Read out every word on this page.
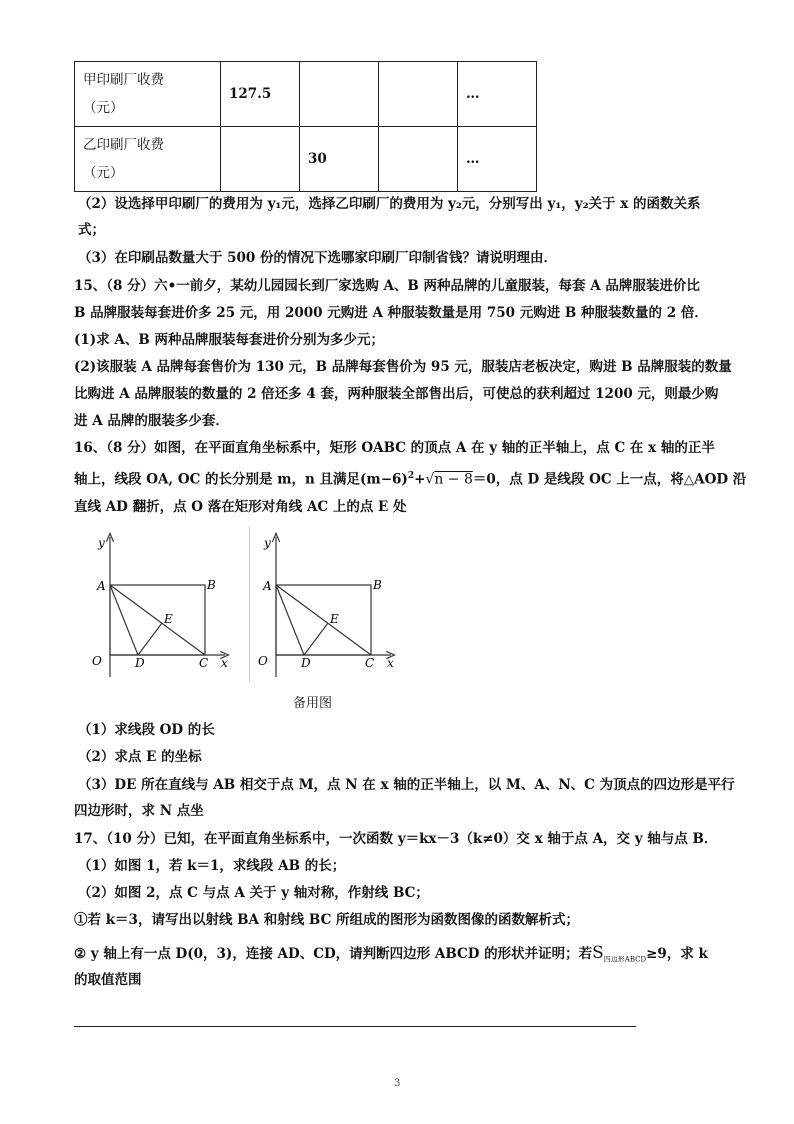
甲印刷厂收费
（元）	127.5			…
乙印刷厂收费
（元）		30		…
（2）设选择甲印刷厂的费用为 y₁元，选择乙印刷厂的费用为 y₂元，分别写出 y₁，y₂关于 x 的函数关系
式；
（3）在印刷品数量大于 500 份的情况下选哪家印刷厂印制省钱？请说明理由．
15、（8 分）六•一前夕，某幼儿园园长到厂家选购 A、B 两种品牌的儿童服装，每套 A 品牌服装进价比
B 品牌服装每套进价多 25 元，用 2000 元购进 A 种服装数量是用 750 元购进 B 种服装数量的 2 倍．
(1)求 A、B 两种品牌服装每套进价分别为多少元；
(2)该服装 A 品牌每套售价为 130 元，B 品牌每套售价为 95 元，服装店老板决定，购进 B 品牌服装的数量
比购进 A 品牌服装的数量的 2 倍还多 4 套，两种服装全部售出后，可使总的获利超过 1200 元，则最少购
进 A 品牌的服装多少套．
16、（8 分）如图，在平面直角坐标系中，矩形 OABC 的顶点 A 在 y 轴的正半轴上，点 C 在 x 轴的正半
轴上，线段 OA, OC 的长分别是 m，n 且满足$(m-6)^2+√n - 8=0$，点 D 是线段 OC 上一点，将△AOD 沿
直线 AD 翻折，点 O 落在矩形对角线 AC 上的点 E 处
y
x
A	B
E
O	D	C
y
x
A	B
E
O	D	C
备用图
（1）求线段 OD 的长
（2）求点 E 的坐标
（3）DE 所在直线与 AB 相交于点 M，点 N 在 x 轴的正半轴上，以 M、A、N、C 为顶点的四边形是平行
四边形时，求 N 点坐
17、（10 分）已知，在平面直角坐标系中，一次函数 y＝kx－3（k≠0）交 x 轴于点 A，交 y 轴与点 B．
（1）如图 1，若 k＝1，求线段 AB 的长；
（2）如图 2，点 C 与点 A 关于 y 轴对称，作射线 BC；
①若 k＝3，请写出以射线 BA 和射线 BC 所组成的图形为函数图像的函数解析式；
② y 轴上有一点 D(0，3)，连接 AD、CD，请判断四边形 ABCD 的形状并证明；若$S_{四边形ABCD}\ge 9$，求 k
的取值范围
3
